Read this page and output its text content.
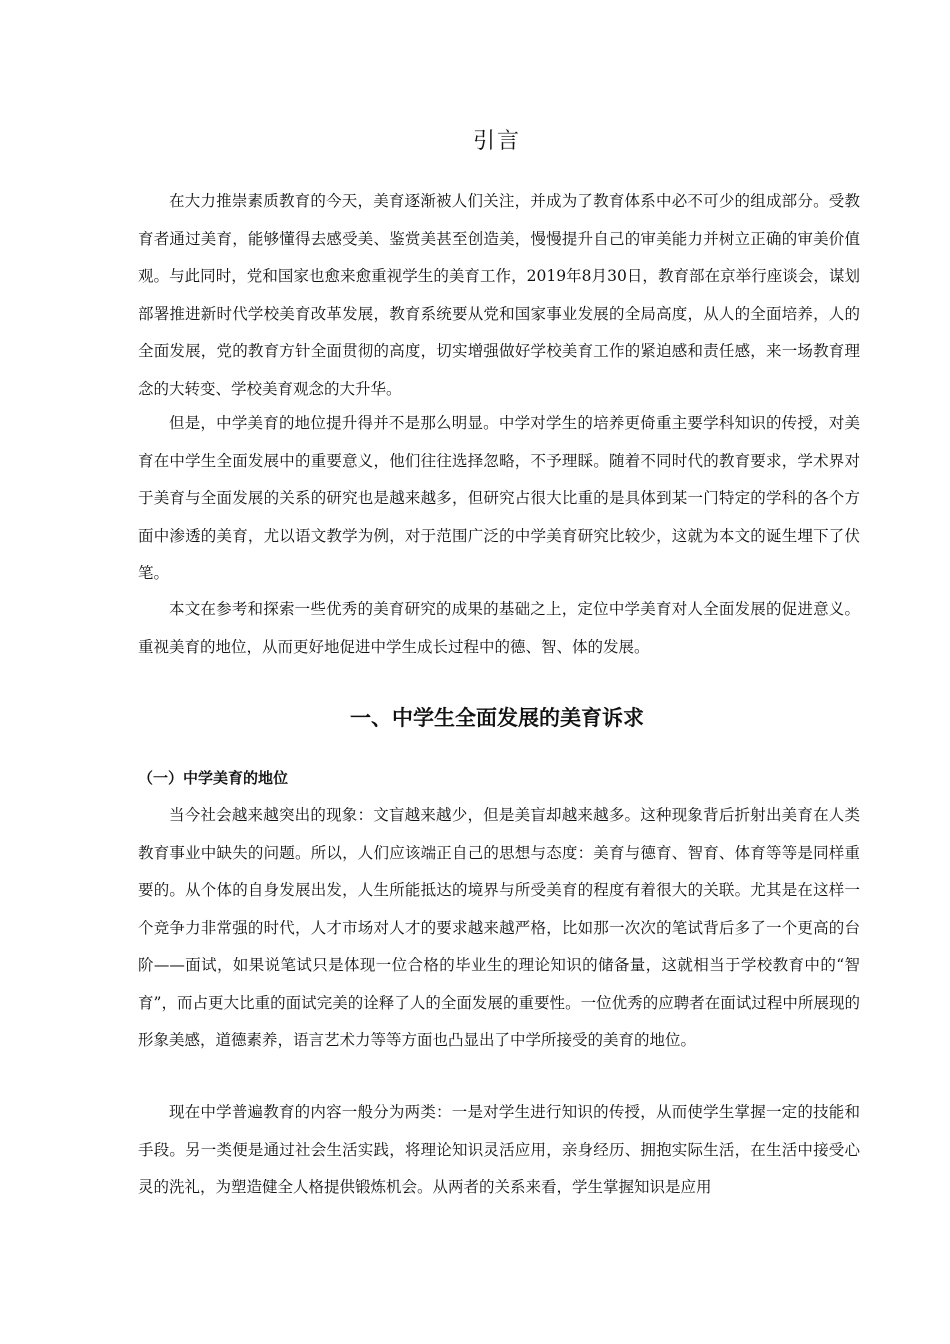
引言

在大力推崇素质教育的今天，美育逐渐被人们关注，并成为了教育体系中必不可少的组成部分。受教育者通过美育，能够懂得去感受美、鉴赏美甚至创造美，慢慢提升自己的审美能力并树立正确的审美价值观。与此同时，党和国家也愈来愈重视学生的美育工作，2019年8月30日，教育部在京举行座谈会，谋划部署推进新时代学校美育改革发展，教育系统要从党和国家事业发展的全局高度，从人的全面培养，人的全面发展，党的教育方针全面贯彻的高度，切实增强做好学校美育工作的紧迫感和责任感，来一场教育理念的大转变、学校美育观念的大升华。

但是，中学美育的地位提升得并不是那么明显。中学对学生的培养更倚重主要学科知识的传授，对美育在中学生全面发展中的重要意义，他们往往选择忽略，不予理睬。随着不同时代的教育要求，学术界对于美育与全面发展的关系的研究也是越来越多，但研究占很大比重的是具体到某一门特定的学科的各个方面中渗透的美育，尤以语文教学为例，对于范围广泛的中学美育研究比较少，这就为本文的诞生埋下了伏笔。

本文在参考和探索一些优秀的美育研究的成果的基础之上，定位中学美育对人全面发展的促进意义。重视美育的地位，从而更好地促进中学生成长过程中的德、智、体的发展。

一、中学生全面发展的美育诉求
（一）中学美育的地位

当今社会越来越突出的现象：文盲越来越少，但是美盲却越来越多。这种现象背后折射出美育在人类教育事业中缺失的问题。所以，人们应该端正自己的思想与态度：美育与德育、智育、体育等等是同样重要的。从个体的自身发展出发，人生所能抵达的境界与所受美育的程度有着很大的关联。尤其是在这样一个竞争力非常强的时代，人才市场对人才的要求越来越严格，比如那一次次的笔试背后多了一个更高的台阶——面试，如果说笔试只是体现一位合格的毕业生的理论知识的储备量，这就相当于学校教育中的“智育”，而占更大比重的面试完美的诠释了人的全面发展的重要性。一位优秀的应聘者在面试过程中所展现的形象美感，道德素养，语言艺术力等等方面也凸显出了中学所接受的美育的地位。

现在中学普遍教育的内容一般分为两类：一是对学生进行知识的传授，从而使学生掌握一定的技能和手段。另一类便是通过社会生活实践，将理论知识灵活应用，亲身经历、拥抱实际生活，在生活中接受心灵的洗礼，为塑造健全人格提供锻炼机会。从两者的关系来看，学生掌握知识是应用
